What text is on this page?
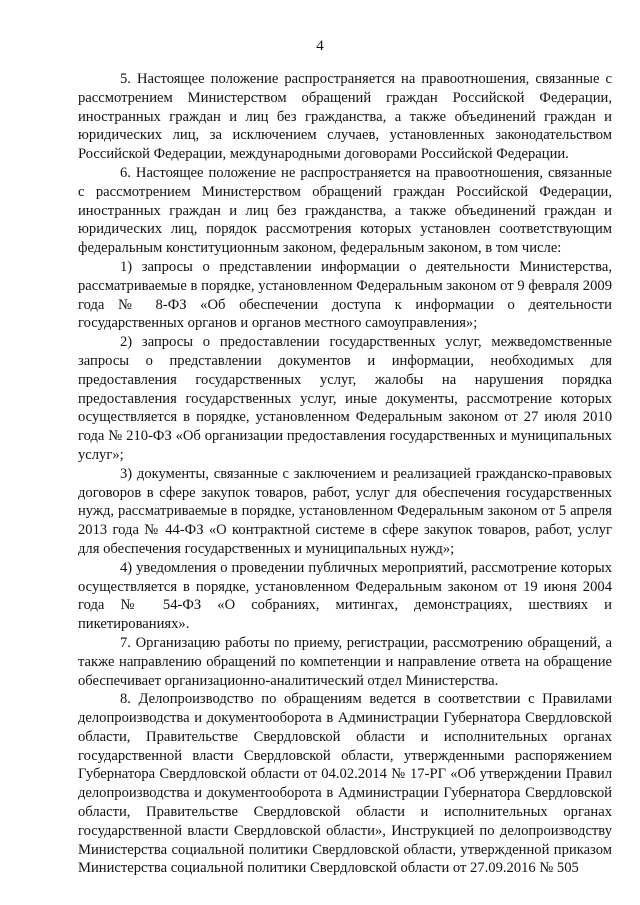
4

5. Настоящее положение распространяется на правоотношения, связанные с рассмотрением Министерством обращений граждан Российской Федерации, иностранных граждан и лиц без гражданства, а также объединений граждан и юридических лиц, за исключением случаев, установленных законодательством Российской Федерации, международными договорами Российской Федерации.

6. Настоящее положение не распространяется на правоотношения, связанные с рассмотрением Министерством обращений граждан Российской Федерации, иностранных граждан и лиц без гражданства, а также объединений граждан и юридических лиц, порядок рассмотрения которых установлен соответствующим федеральным конституционным законом, федеральным законом, в том числе:

1) запросы о представлении информации о деятельности Министерства, рассматриваемые в порядке, установленном Федеральным законом от 9 февраля 2009 года № 8-ФЗ «Об обеспечении доступа к информации о деятельности государственных органов и органов местного самоуправления»;

2) запросы о предоставлении государственных услуг, межведомственные запросы о представлении документов и информации, необходимых для предоставления государственных услуг, жалобы на нарушения порядка предоставления государственных услуг, иные документы, рассмотрение которых осуществляется в порядке, установленном Федеральным законом от 27 июля 2010 года № 210-ФЗ «Об организации предоставления государственных и муниципальных услуг»;

3) документы, связанные с заключением и реализацией гражданско-правовых договоров в сфере закупок товаров, работ, услуг для обеспечения государственных нужд, рассматриваемые в порядке, установленном Федеральным законом от 5 апреля 2013 года № 44-ФЗ «О контрактной системе в сфере закупок товаров, работ, услуг для обеспечения государственных и муниципальных нужд»;

4) уведомления о проведении публичных мероприятий, рассмотрение которых осуществляется в порядке, установленном Федеральным законом от 19 июня 2004 года № 54-ФЗ «О собраниях, митингах, демонстрациях, шествиях и пикетированиях».

7. Организацию работы по приему, регистрации, рассмотрению обращений, а также направлению обращений по компетенции и направление ответа на обращение обеспечивает организационно-аналитический отдел Министерства.

8. Делопроизводство по обращениям ведется в соответствии с Правилами делопроизводства и документооборота в Администрации Губернатора Свердловской области, Правительстве Свердловской области и исполнительных органах государственной власти Свердловской области, утвержденными распоряжением Губернатора Свердловской области от 04.02.2014 № 17-РГ «Об утверждении Правил делопроизводства и документооборота в Администрации Губернатора Свердловской области, Правительстве Свердловской области и исполнительных органах государственной власти Свердловской области», Инструкцией по делопроизводству Министерства социальной политики Свердловской области, утвержденной приказом Министерства социальной политики Свердловской области от 27.09.2016 № 505
